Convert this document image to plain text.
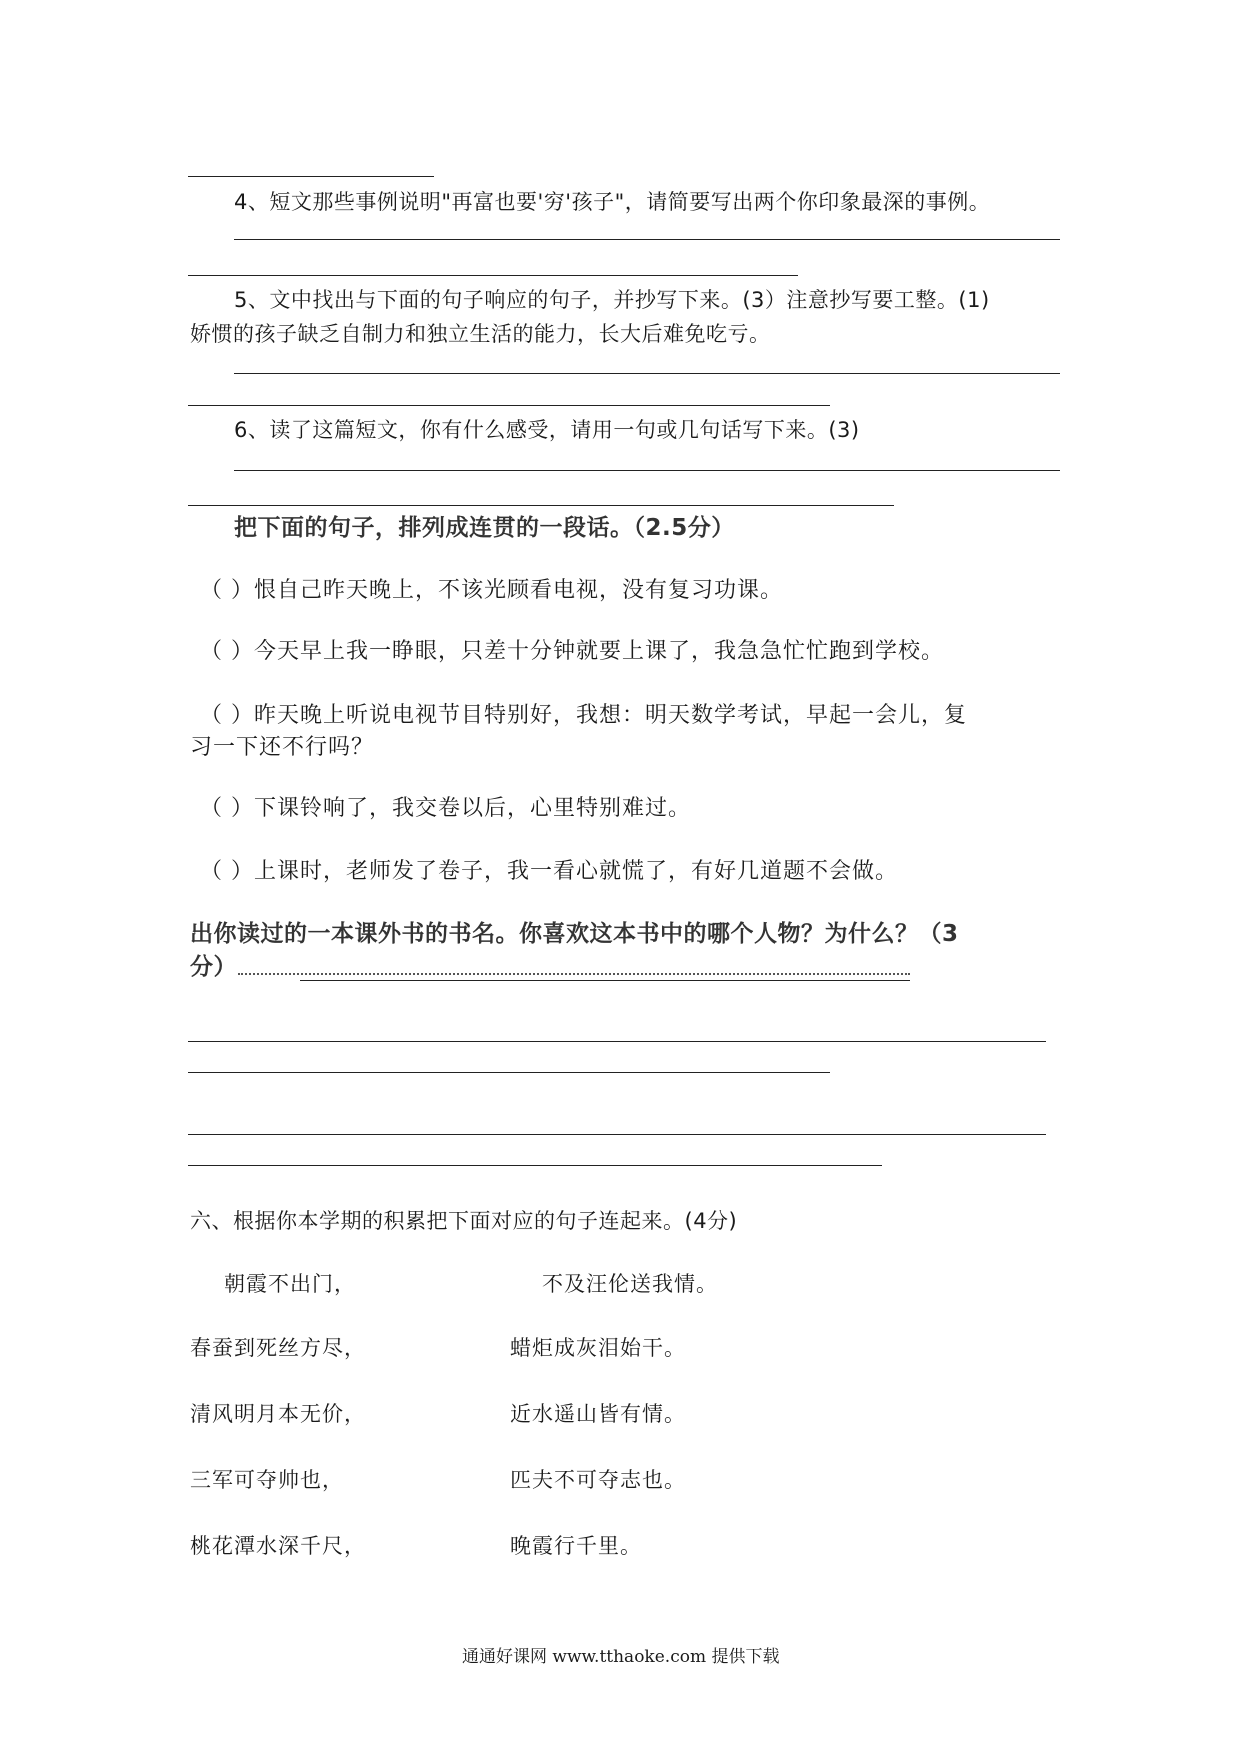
4、短文那些事例说明"再富也要'穷'孩子"，请简要写出两个你印象最深的事例。
5、文中找出与下面的句子响应的句子，并抄写下来。(3）注意抄写要工整。(1)
娇惯的孩子缺乏自制力和独立生活的能力，长大后难免吃亏。
6、读了这篇短文，你有什么感受，请用一句或几句话写下来。(3)
把下面的句子，排列成连贯的一段话。（2.5分）
（ ）恨自己昨天晚上，不该光顾看电视，没有复习功课。
（ ）今天早上我一睁眼，只差十分钟就要上课了，我急急忙忙跑到学校。
（ ）昨天晚上听说电视节目特别好，我想：明天数学考试，早起一会儿，复
习一下还不行吗？
（ ）下课铃响了，我交卷以后，心里特别难过。
（ ）上课时，老师发了卷子，我一看心就慌了，有好几道题不会做。
出你读过的一本课外书的书名。你喜欢这本书中的哪个人物？为什么？（3
分）
六、根据你本学期的积累把下面对应的句子连起来。(4分)
朝霞不出门，	不及汪伦送我情。
春蚕到死丝方尽，	蜡炬成灰泪始干。
清风明月本无价，	近水遥山皆有情。
三军可夺帅也，	匹夫不可夺志也。
桃花潭水深千尺，	晚霞行千里。
通通好课网 www.tthaoke.com 提供下载
